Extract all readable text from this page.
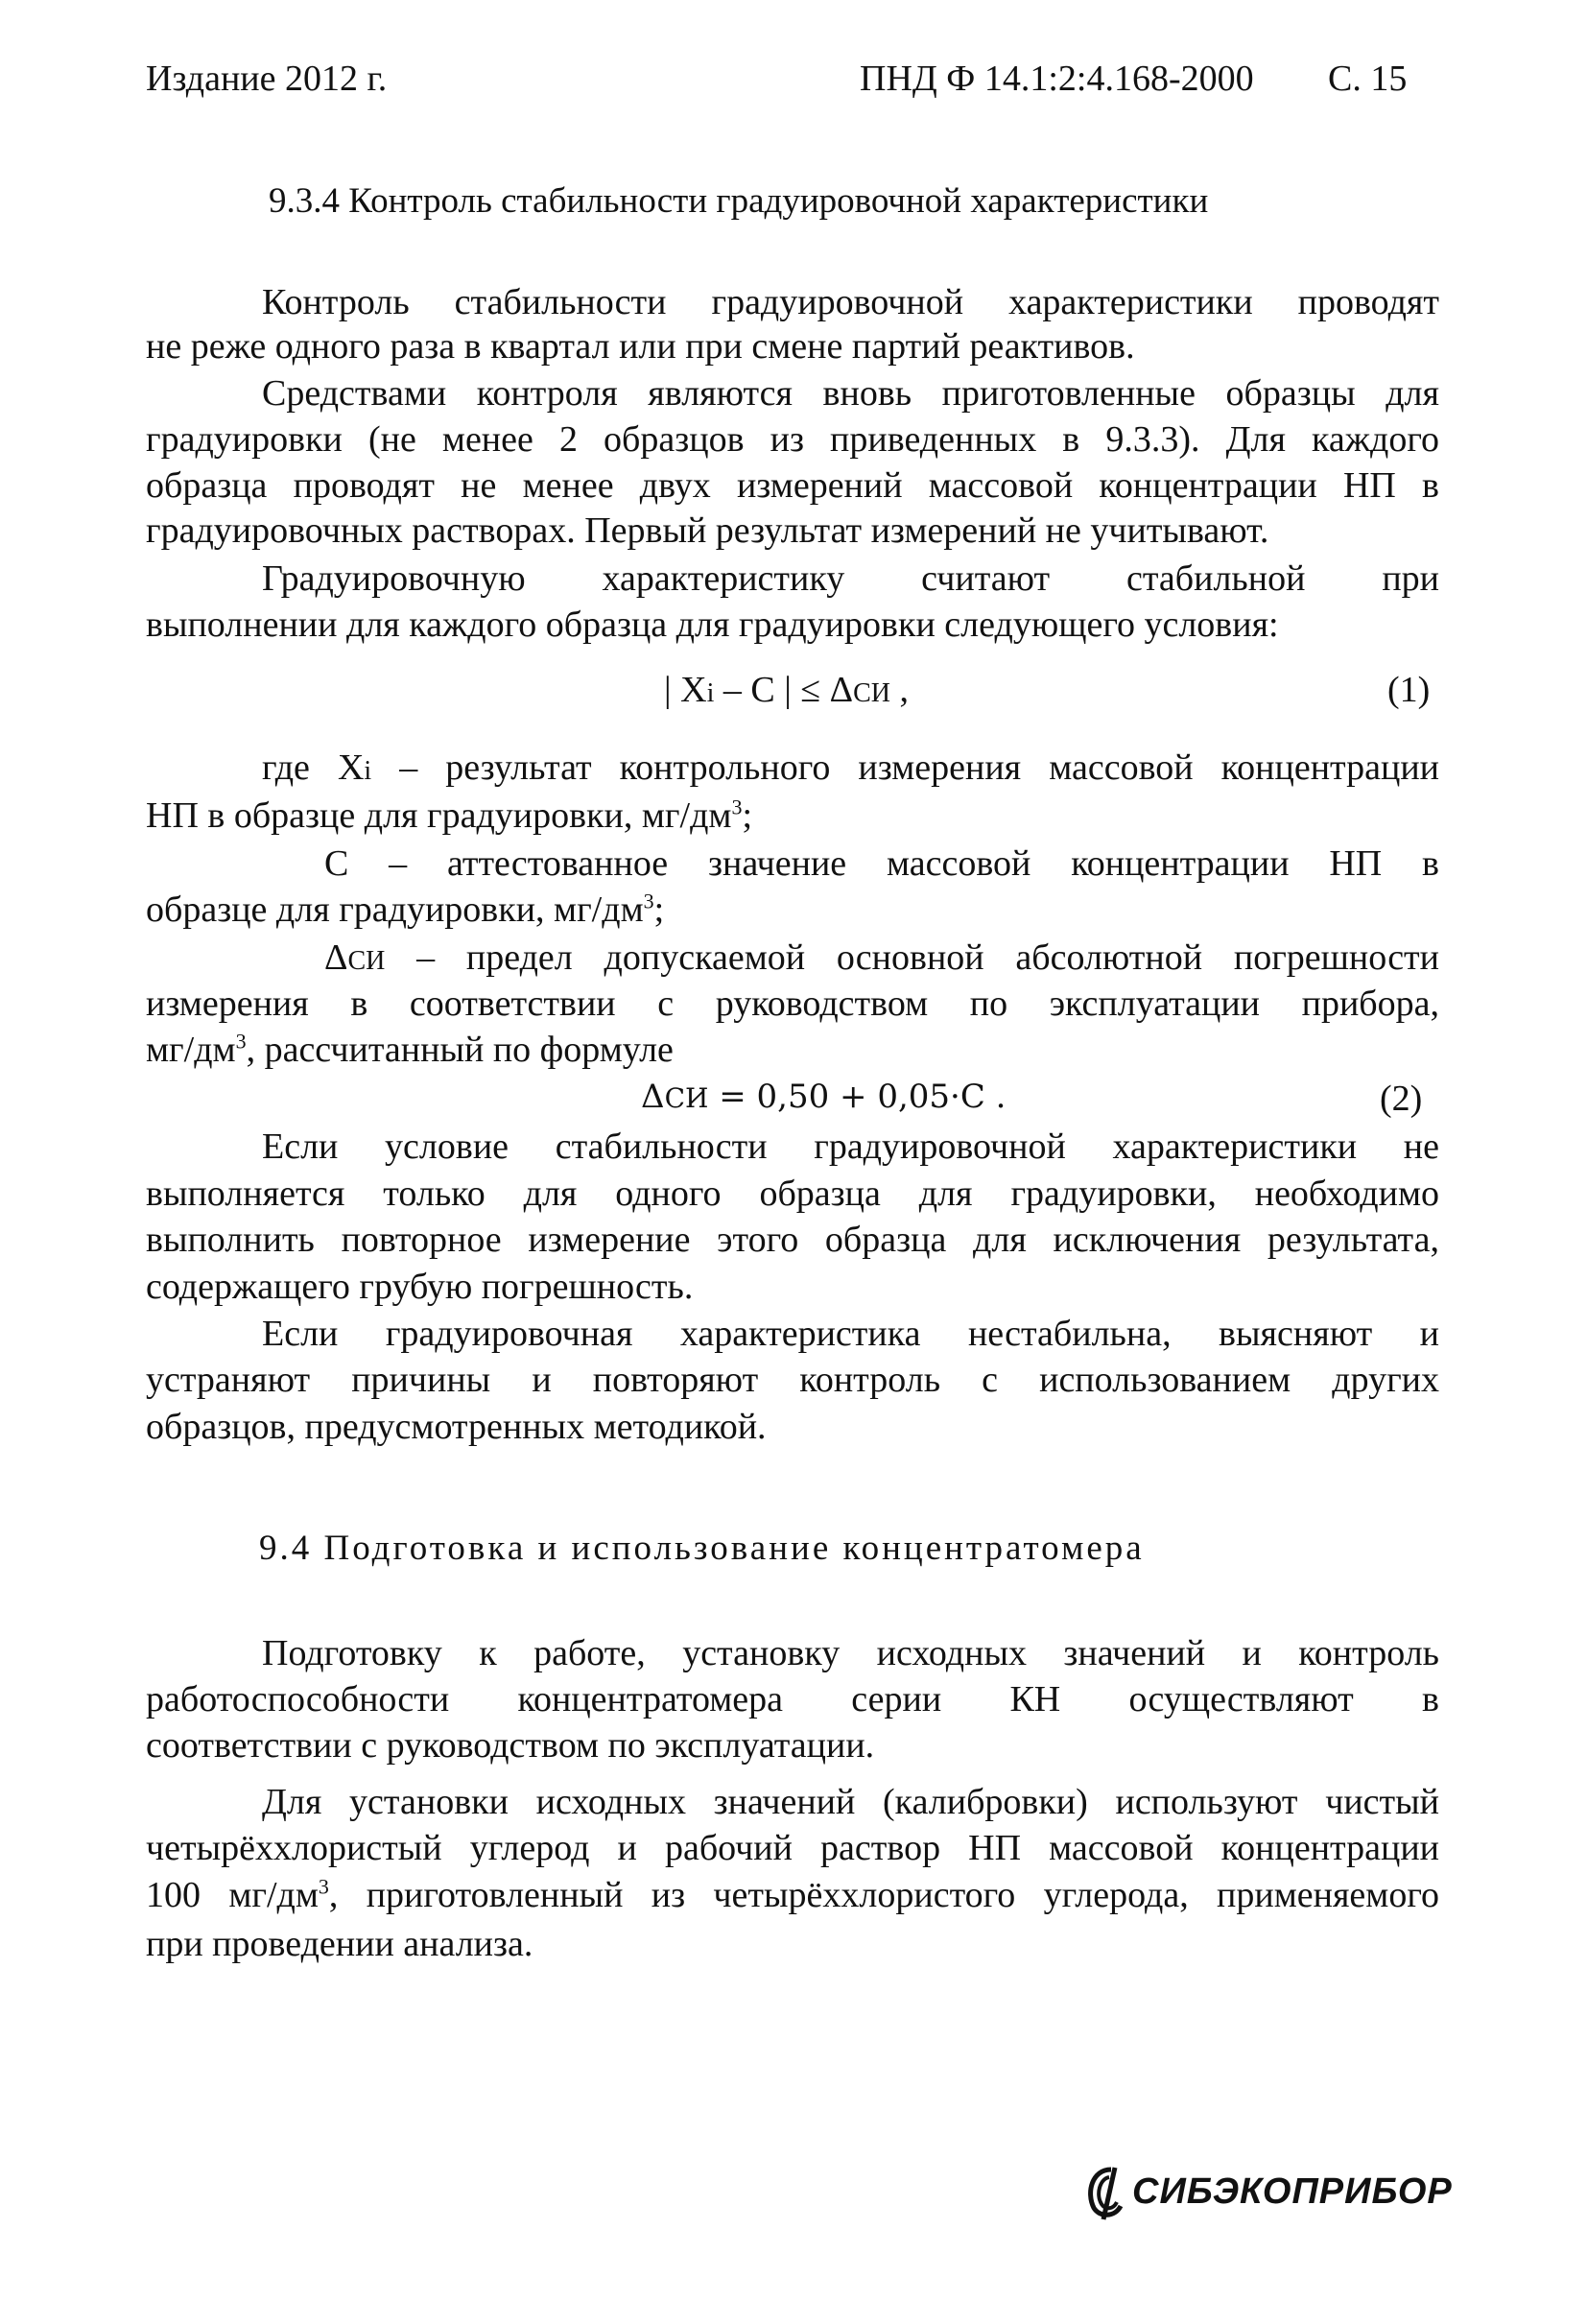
Издание 2012 г.	ПНД Ф 14.1:2:4.168-2000 С. 15

9.3.4 Контроль стабильности градуировочной характеристики

Контроль стабильности градуировочной характеристики проводят
не реже одного раза в квартал или при смене партий реактивов.
Средствами контроля являются вновь приготовленные образцы для
градуировки (не менее 2 образцов из приведенных в 9.3.3). Для каждого
образца проводят не менее двух измерений массовой концентрации НП в
градуировочных растворах. Первый результат измерений не учитывают.
Градуировочную характеристику считают стабильной при
выполнении для каждого образца для градуировки следующего условия:
| Xi – C | ≤ ΔСИ ,	(1)

где Xi – результат контрольного измерения массовой концентрации
НП в образце для градуировки, $мг/дм^3$;
С – аттестованное значение массовой концентрации НП в
образце для градуировки, $мг/дм^3$;
ΔСИ – предел допускаемой основной абсолютной погрешности
измерения в соответствии с руководством по эксплуатации прибора,
$мг/дм^3$, рассчитанный по формуле
ΔСИ = 0,50 + 0,05·С .	(2)

Если условие стабильности градуировочной характеристики не
выполняется только для одного образца для градуировки, необходимо
выполнить повторное измерение этого образца для исключения результата,
содержащего грубую погрешность.
Если градуировочная характеристика нестабильна, выясняют и
устраняют причины и повторяют контроль с использованием других
образцов, предусмотренных методикой.

9.4 Подготовка и использование концентратомера

Подготовку к работе, установку исходных значений и контроль
работоспособности концентратомера серии КН осуществляют в
соответствии с руководством по эксплуатации.
Для установки исходных значений (калибровки) используют чистый
четырёххлористый углерод и рабочий раствор НП массовой концентрации
100 $мг/дм^3$, приготовленный из четырёххлористого углерода, применяемого
при проведении анализа.
СИБЭКОПРИБОР
